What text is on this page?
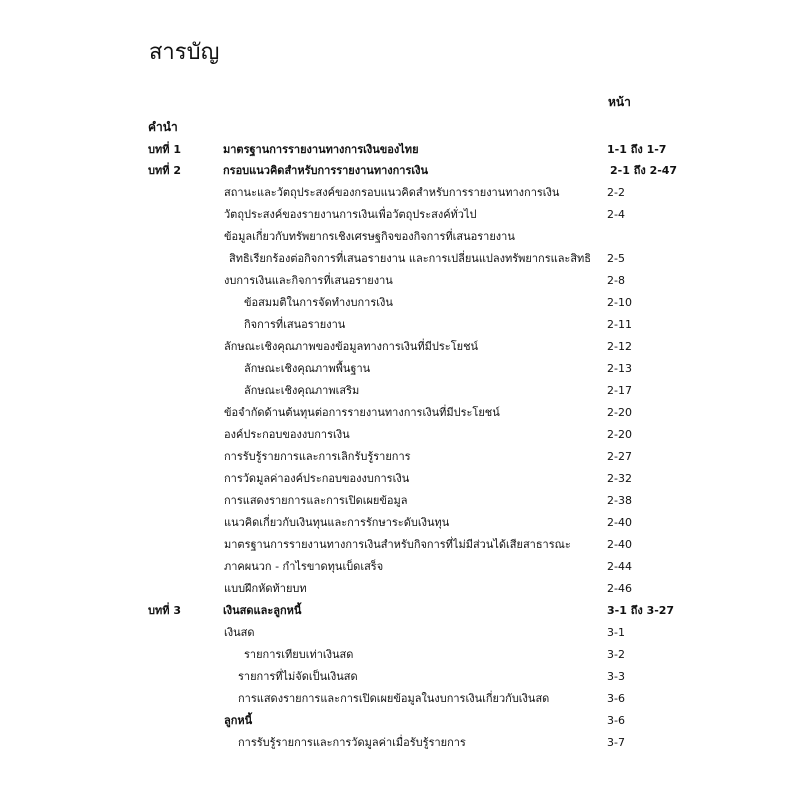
สารบัญ
หน้า
คำนำ
บทที่ 1	มาตรฐานการรายงานทางการเงินของไทย	1-1 ถึง 1-7
บทที่ 2	กรอบแนวคิดสำหรับการรายงานทางการเงิน	2-1 ถึง 2-47
สถานะและวัตถุประสงค์ของกรอบแนวคิดสำหรับการรายงานทางการเงิน	2-2
วัตถุประสงค์ของรายงานการเงินเพื่อวัตถุประสงค์ทั่วไป	2-4
ข้อมูลเกี่ยวกับทรัพยากรเชิงเศรษฐกิจของกิจการที่เสนอรายงาน
สิทธิเรียกร้องต่อกิจการที่เสนอรายงาน และการเปลี่ยนแปลงทรัพยากรและสิทธิ 2-5
งบการเงินและกิจการที่เสนอรายงาน	2-8
ข้อสมมติในการจัดทำงบการเงิน	2-10
กิจการที่เสนอรายงาน	2-11
ลักษณะเชิงคุณภาพของข้อมูลทางการเงินที่มีประโยชน์	2-12
ลักษณะเชิงคุณภาพพื้นฐาน	2-13
ลักษณะเชิงคุณภาพเสริม	2-17
ข้อจำกัดด้านต้นทุนต่อการรายงานทางการเงินที่มีประโยชน์	2-20
องค์ประกอบของงบการเงิน	2-20
การรับรู้รายการและการเลิกรับรู้รายการ	2-27
การวัดมูลค่าองค์ประกอบของงบการเงิน	2-32
การแสดงรายการและการเปิดเผยข้อมูล	2-38
แนวคิดเกี่ยวกับเงินทุนและการรักษาระดับเงินทุน	2-40
มาตรฐานการรายงานทางการเงินสำหรับกิจการที่ไม่มีส่วนได้เสียสาธารณะ	2-40
ภาคผนวก - กำไรขาดทุนเบ็ดเสร็จ	2-44
แบบฝึกหัดท้ายบท	2-46
บทที่ 3	เงินสดและลูกหนี้	3-1 ถึง 3-27
เงินสด	3-1
รายการเทียบเท่าเงินสด	3-2
รายการที่ไม่จัดเป็นเงินสด	3-3
การแสดงรายการและการเปิดเผยข้อมูลในงบการเงินเกี่ยวกับเงินสด	3-6
ลูกหนี้	3-6
การรับรู้รายการและการวัดมูลค่าเมื่อรับรู้รายการ	3-7
